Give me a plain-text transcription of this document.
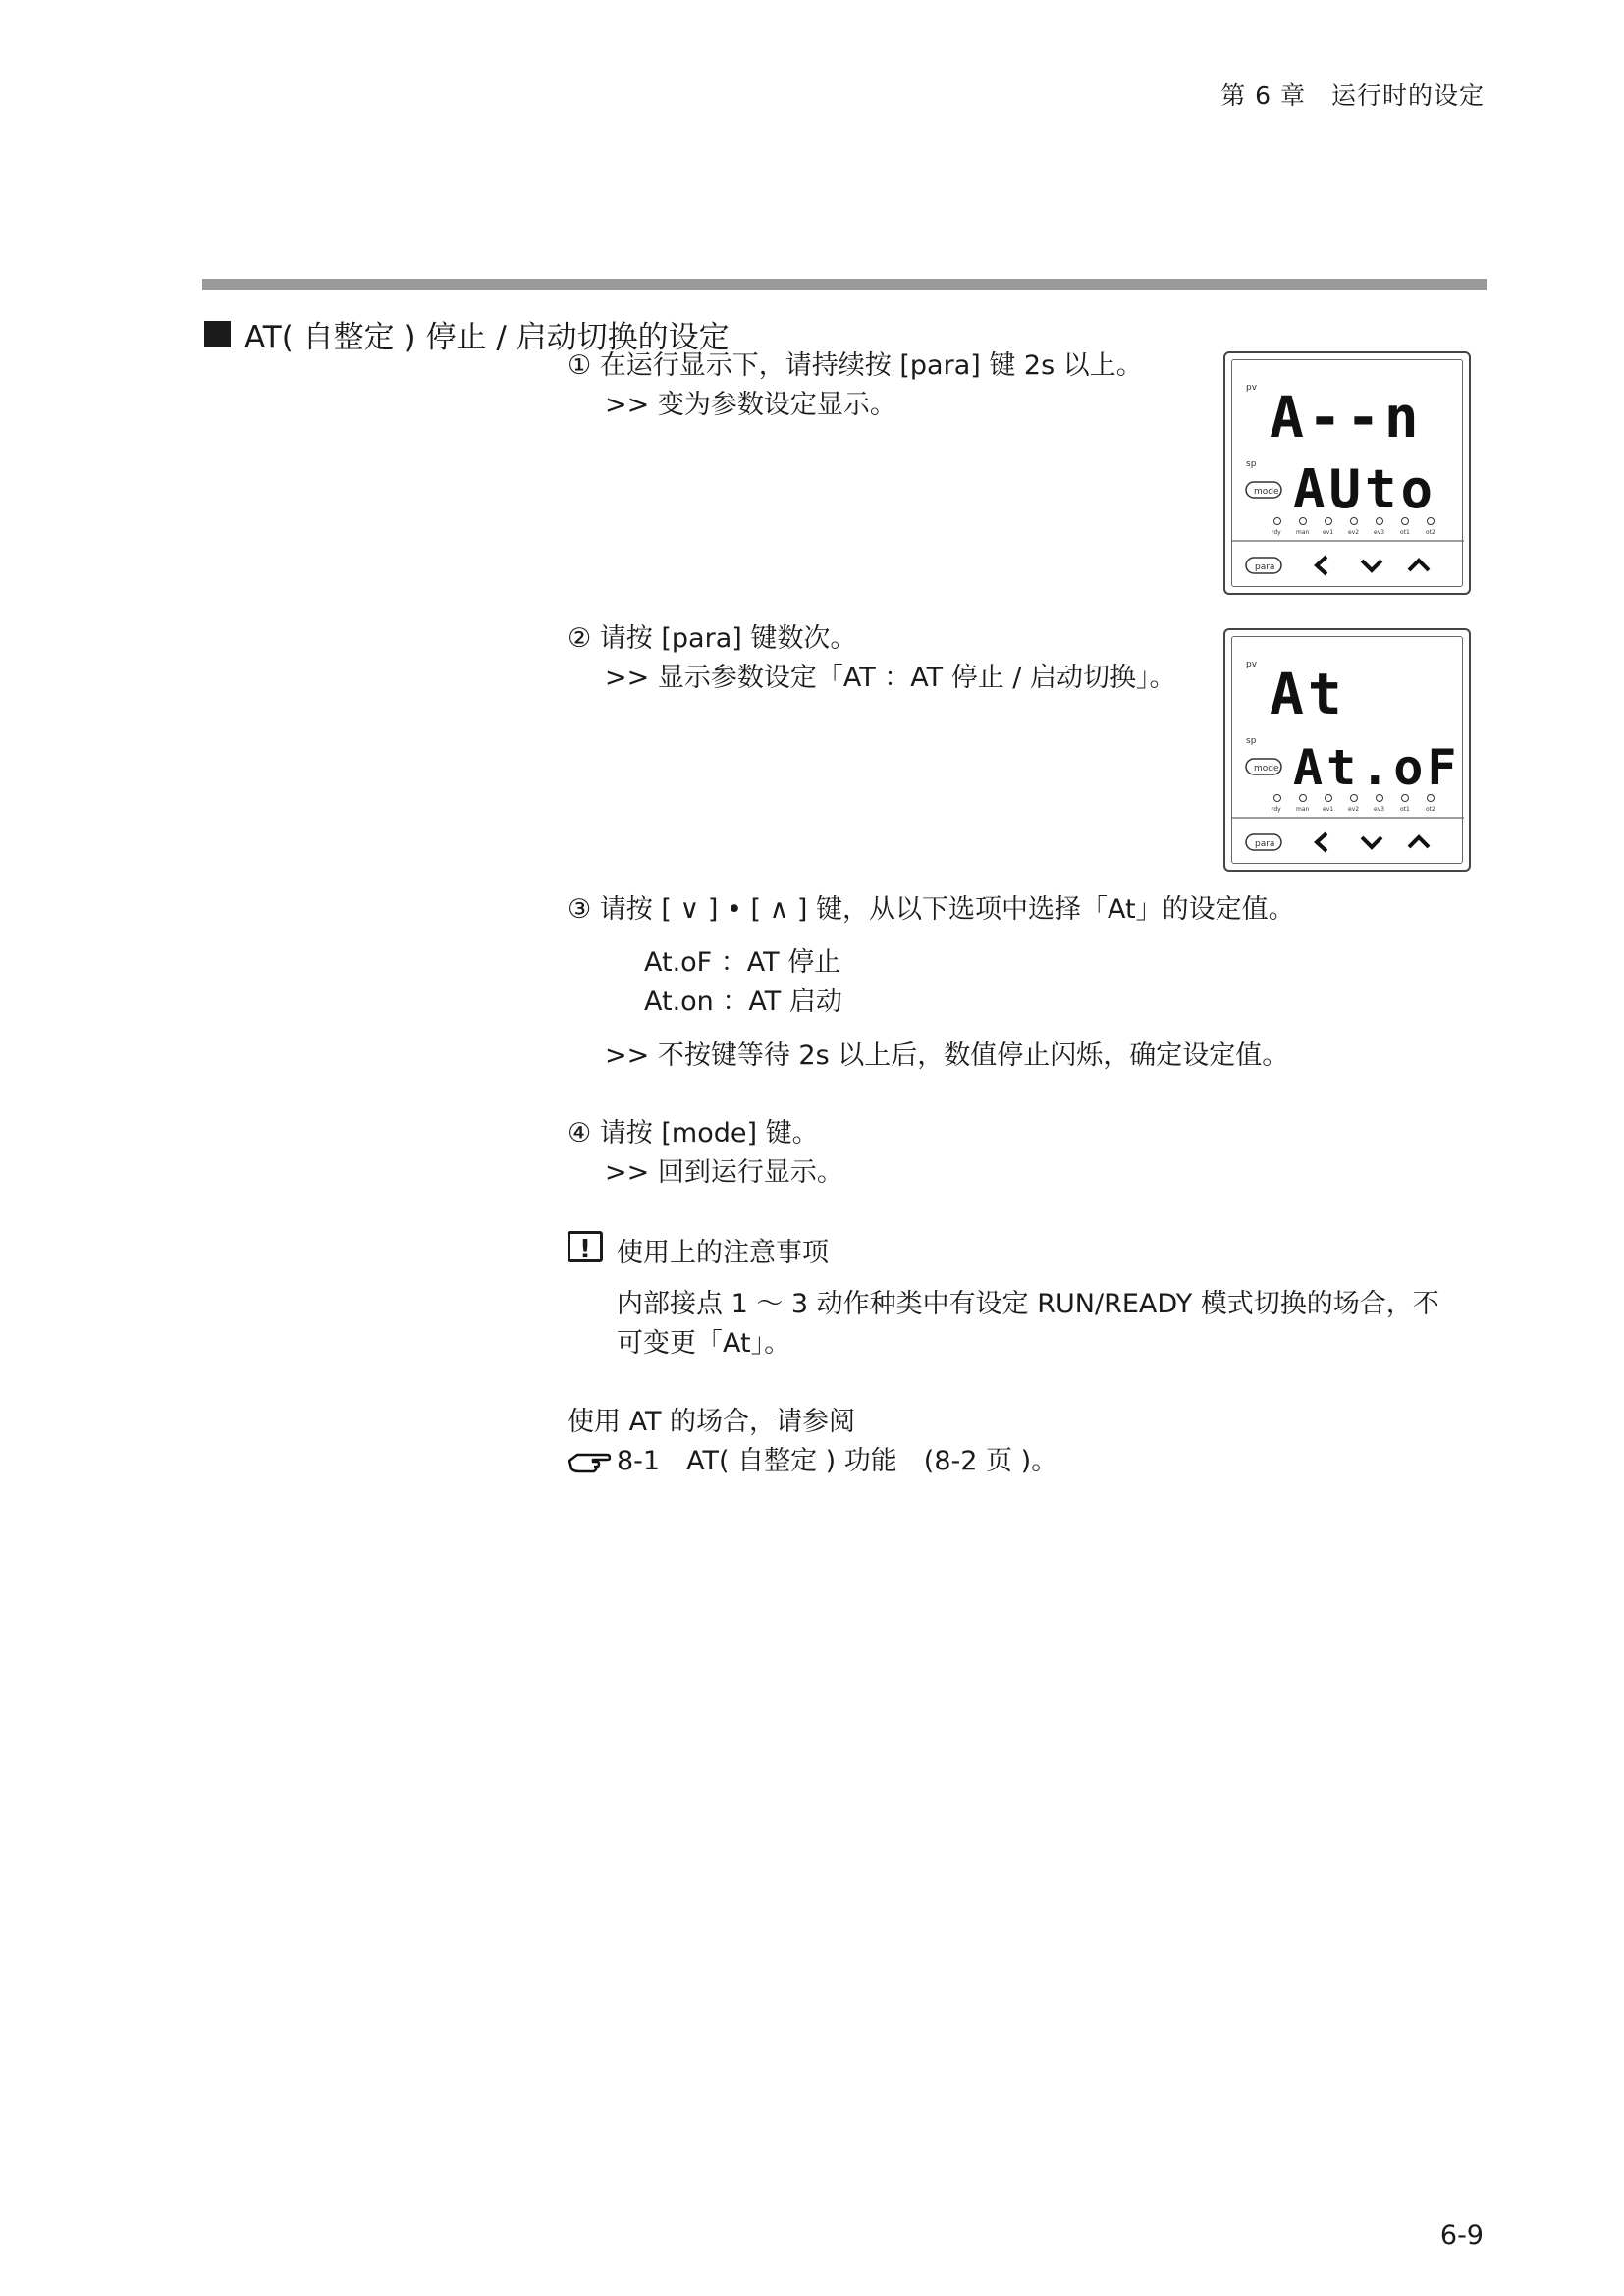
第 6 章　运行时的设定
AT( 自整定 ) 停止 / 启动切换的设定
① 在运行显示下，请持续按 [para] 键 2s 以上。
>> 变为参数设定显示。
pv A--n
sp
mode AUto
rdy	man ev1 ev2 ev3	ot1	ot2
para
② 请按 [para] 键数次。
>> 显示参数设定「AT ：AT 停止 / 启动切换」。	pv At
sp
mode At.oF
rdy	man ev1 ev2 ev3	ot1	ot2
para
③ 请按 [ ∨ ] • [ ∧ ] 键，从以下选项中选择「At」的设定值。
At.oF ：AT 停止
At.on ：AT 启动
>> 不按键等待 2s 以上后，数值停止闪烁，确定设定值。
④ 请按 [mode] 键。
>> 回到运行显示。
! 使用上的注意事项
内部接点 1 ～ 3 动作种类中有设定 RUN/READY 模式切换的场合，不
可变更「At」。
使用 AT 的场合，请参阅
8-1　AT( 自整定 ) 功能　(8-2 页 )。
6-9
